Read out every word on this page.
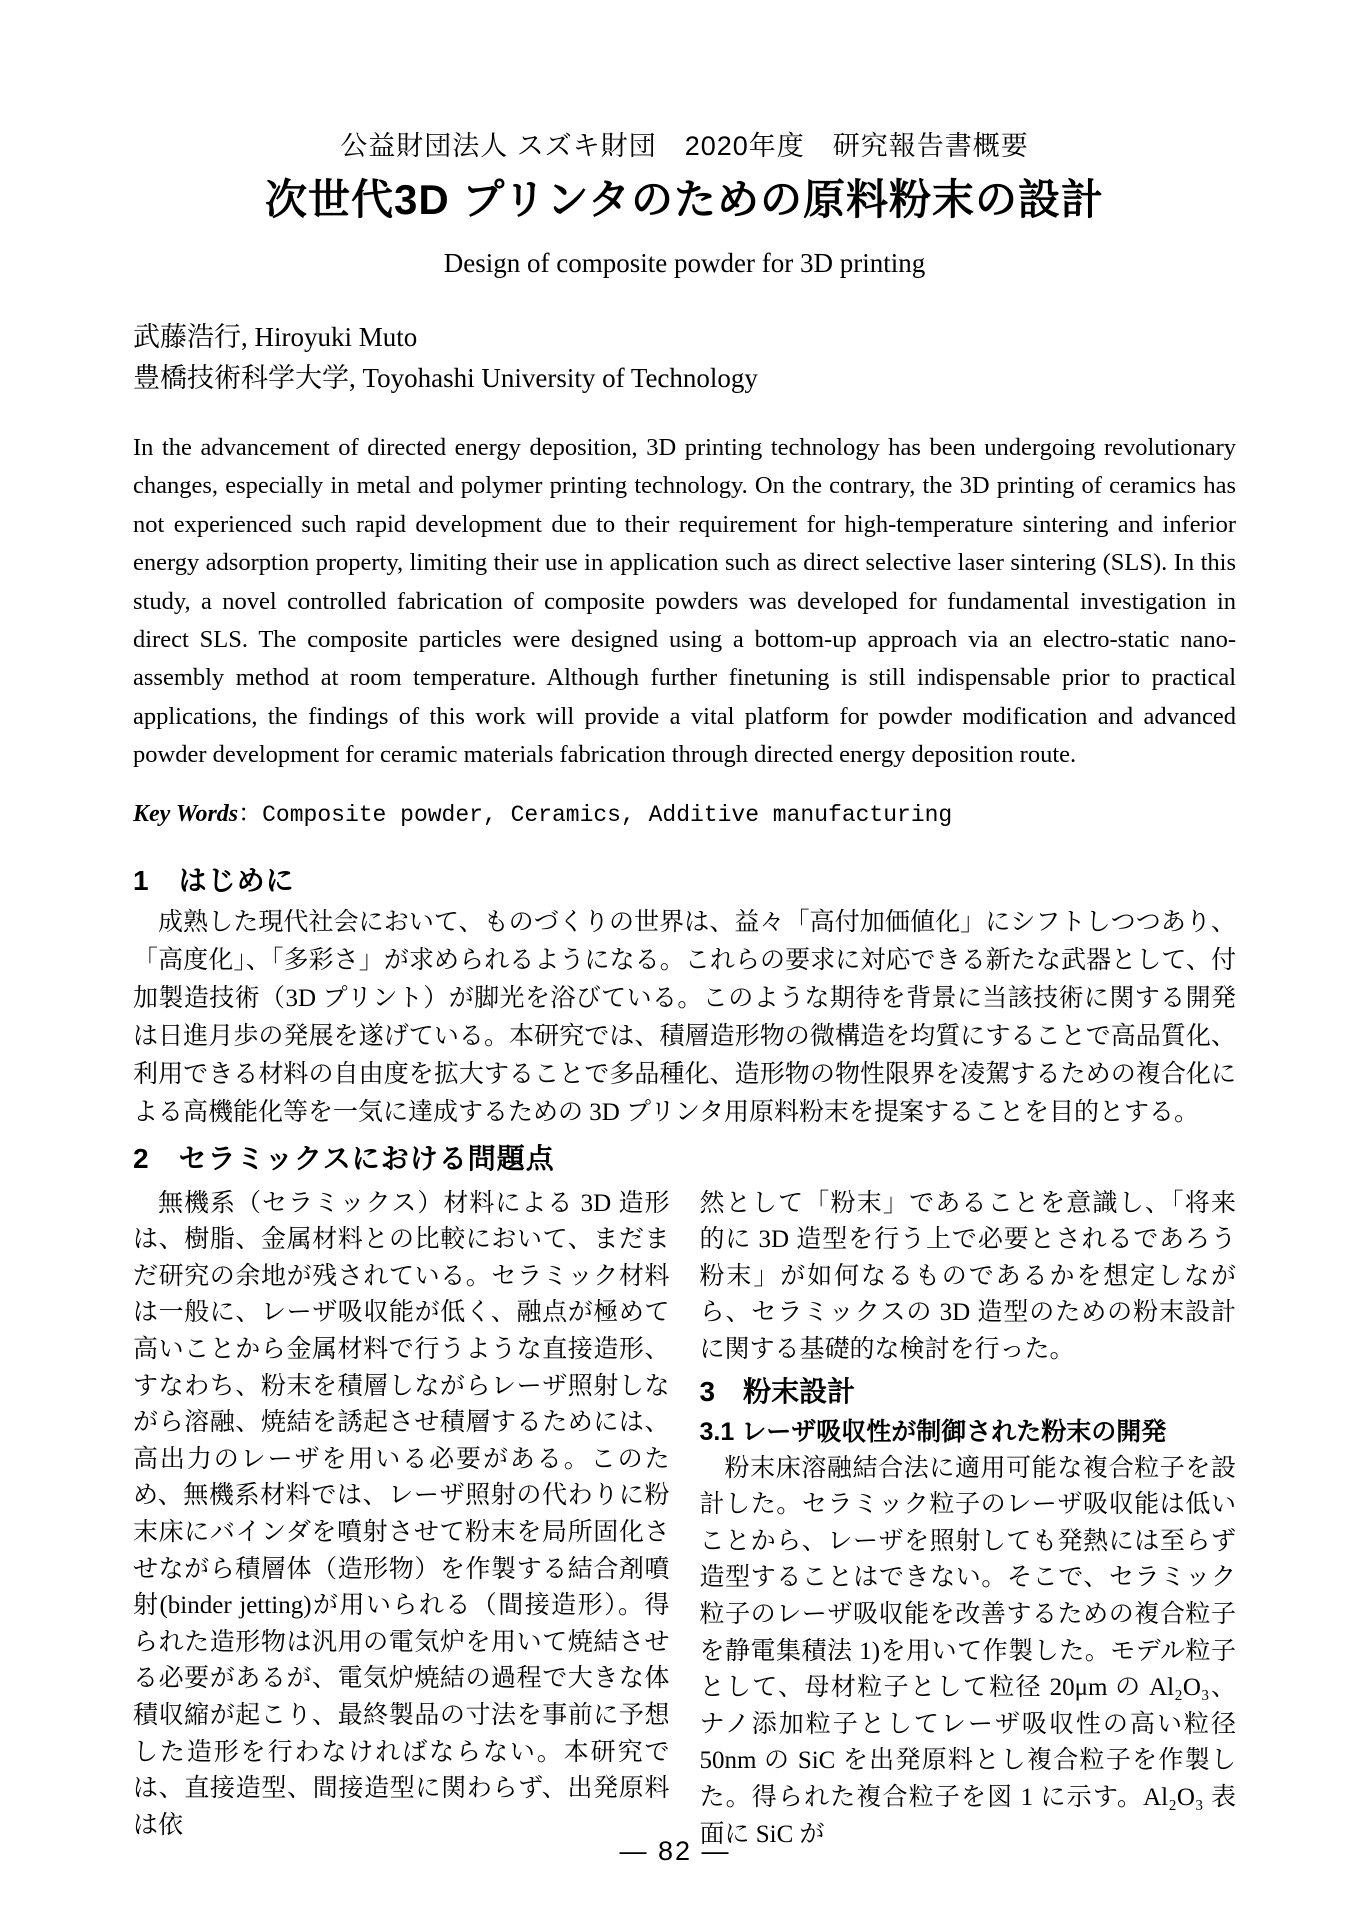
公益財団法人 スズキ財団　2020年度　研究報告書概要
次世代3D プリンタのための原料粉末の設計
Design of composite powder for 3D printing
武藤浩行, Hiroyuki Muto
豊橋技術科学大学, Toyohashi University of Technology

In the advancement of directed energy deposition, 3D printing technology has been undergoing revolutionary changes, especially in metal and polymer printing technology. On the contrary, the 3D printing of ceramics has not experienced such rapid development due to their requirement for high-temperature sintering and inferior energy adsorption property, limiting their use in application such as direct selective laser sintering (SLS). In this study, a novel controlled fabrication of composite powders was developed for fundamental investigation in direct SLS. The composite particles were designed using a bottom-up approach via an electro-static nano-assembly method at room temperature. Although further finetuning is still indispensable prior to practical applications, the findings of this work will provide a vital platform for powder modification and advanced powder development for ceramic materials fabrication through directed energy deposition route.

Key Words：Composite powder, Ceramics, Additive manufacturing
1　はじめに

成熟した現代社会において、ものづくりの世界は、益々「高付加価値化」にシフトしつつあり、「高度化」、「多彩さ」が求められるようになる。これらの要求に対応できる新たな武器として、付加製造技術（3D プリント）が脚光を浴びている。このような期待を背景に当該技術に関する開発は日進月歩の発展を遂げている。本研究では、積層造形物の微構造を均質にすることで高品質化、利用できる材料の自由度を拡大することで多品種化、造形物の物性限界を凌駕するための複合化による高機能化等を一気に達成するための 3D プリンタ用原料粉末を提案することを目的とする。

2　セラミックスにおける問題点

無機系（セラミックス）材料による 3D 造形は、樹脂、金属材料との比較において、まだまだ研究の余地が残されている。セラミック材料は一般に、レーザ吸収能が低く、融点が極めて高いことから金属材料で行うような直接造形、すなわち、粉末を積層しながらレーザ照射しながら溶融、焼結を誘起させ積層するためには、高出力のレーザを用いる必要がある。このため、無機系材料では、レーザ照射の代わりに粉末床にバインダを噴射させて粉末を局所固化させながら積層体（造形物）を作製する結合剤噴射(binder jetting)が用いられる（間接造形）。得られた造形物は汎用の電気炉を用いて焼結させる必要があるが、電気炉焼結の過程で大きな体積収縮が起こり、最終製品の寸法を事前に予想した造形を行わなければならない。本研究では、直接造型、間接造型に関わらず、出発原料は依

然として「粉末」であることを意識し、「将来的に 3D 造型を行う上で必要とされるであろう粉末」が如何なるものであるかを想定しながら、セラミックスの 3D 造型のための粉末設計に関する基礎的な検討を行った。

3　粉末設計
3.1 レーザ吸収性が制御された粉末の開発

粉末床溶融結合法に適用可能な複合粒子を設計した。セラミック粒子のレーザ吸収能は低いことから、レーザを照射しても発熱には至らず造型することはできない。そこで、セラミック粒子のレーザ吸収能を改善するための複合粒子を静電集積法 1)を用いて作製した。モデル粒子として、母材粒子として粒径 20μm の Al₂O₃、ナノ添加粒子としてレーザ吸収性の高い粒径 50nm の SiC を出発原料とし複合粒子を作製した。得られた複合粒子を図 1 に示す。Al₂O₃ 表面に SiC が

— 82 —
